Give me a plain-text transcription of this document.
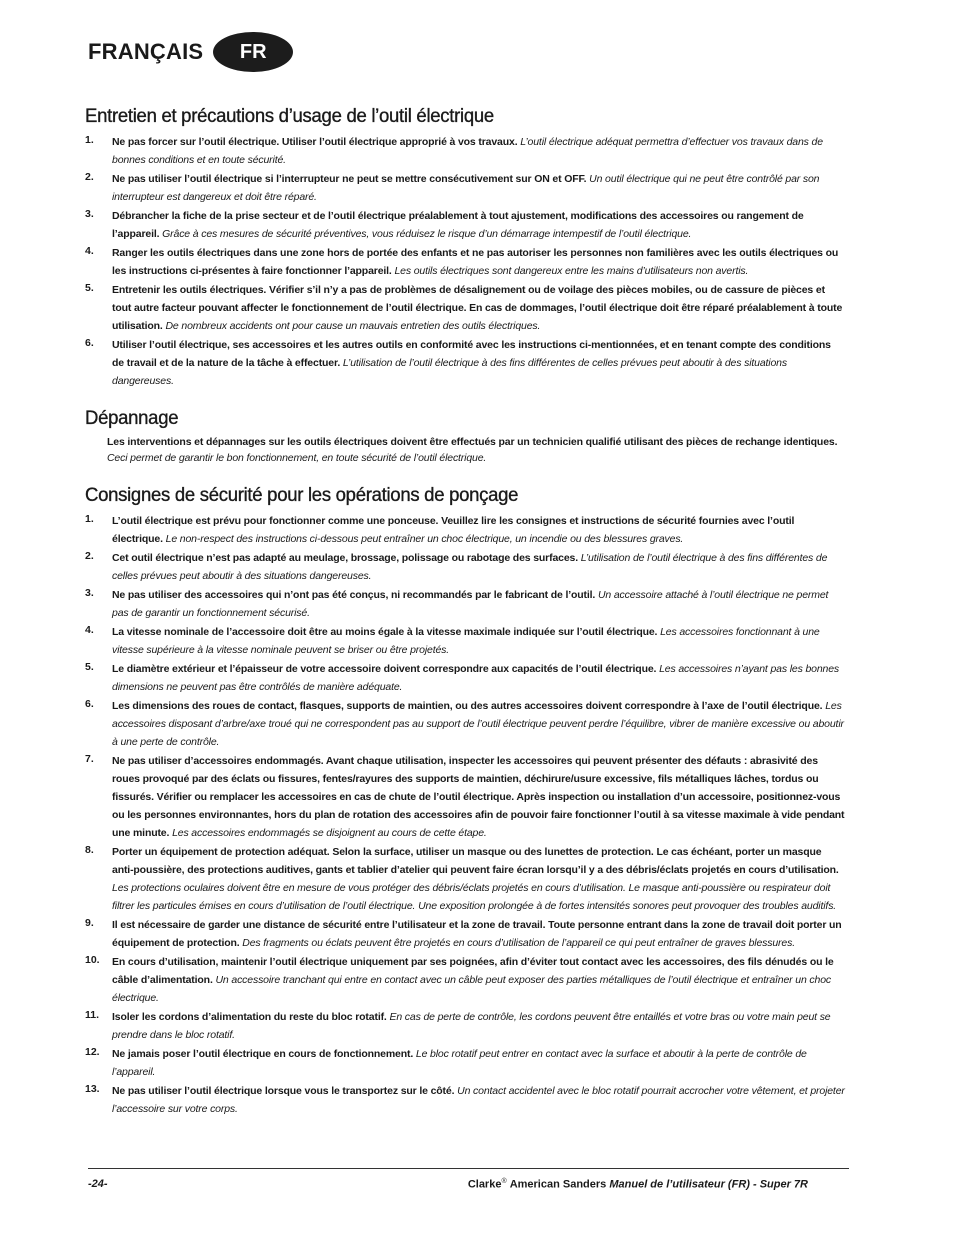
FRANÇAIS	FR
Entretien et précautions d’usage de l’outil électrique
1. Ne pas forcer sur l’outil électrique. Utiliser l’outil électrique approprié à vos travaux. L’outil électrique adéquat permettra d’effectuer vos travaux dans de bonnes conditions et en toute sécurité.
2. Ne pas utiliser l’outil électrique si l’interrupteur ne peut se mettre consécutivement sur ON et OFF. Un outil électrique qui ne peut être contrôlé par son interrupteur est dangereux et doit être réparé.
3. Débrancher la fiche de la prise secteur et de l’outil électrique préalablement à tout ajustement, modifications des accessoires ou rangement de l’appareil. Grâce à ces mesures de sécurité préventives, vous réduisez le risque d’un démarrage intempestif de l’outil électrique.
4. Ranger les outils électriques dans une zone hors de portée des enfants et ne pas autoriser les personnes non familières avec les outils électriques ou les instructions ci-présentes à faire fonctionner l’appareil. Les outils électriques sont dangereux entre les mains d’utilisateurs non avertis.
5. Entretenir les outils électriques. Vérifier s’il n’y a pas de problèmes de désalignement ou de voilage des pièces mobiles, ou de cassure de pièces et tout autre facteur pouvant affecter le fonctionnement de l’outil électrique. En cas de dommages, l’outil électrique doit être réparé préalablement à toute utilisation. De nombreux accidents ont pour cause un mauvais entretien des outils électriques.
6. Utiliser l’outil électrique, ses accessoires et les autres outils en conformité avec les instructions ci-mentionnées, et en tenant compte des conditions de travail et de la nature de la tâche à effectuer. L’utilisation de l’outil électrique à des fins différentes de celles prévues peut aboutir à des situations dangereuses.
Dépannage
Les interventions et dépannages sur les outils électriques doivent être effectués par un technicien qualifié utilisant des pièces de rechange identiques. Ceci permet de garantir le bon fonctionnement, en toute sécurité de l’outil électrique.
Consignes de sécurité pour les opérations de ponçage
1. L’outil électrique est prévu pour fonctionner comme une ponceuse. Veuillez lire les consignes et instructions de sécurité fournies avec l’outil électrique. Le non-respect des instructions ci-dessous peut entraîner un choc électrique, un incendie ou des blessures graves.
2. Cet outil électrique n’est pas adapté au meulage, brossage, polissage ou rabotage des surfaces. L’utilisation de l’outil électrique à des fins différentes de celles prévues peut aboutir à des situations dangereuses.
3. Ne pas utiliser des accessoires qui n’ont pas été conçus, ni recommandés par le fabricant de l’outil. Un accessoire attaché à l’outil électrique ne permet pas de garantir un fonctionnement sécurisé.
4. La vitesse nominale de l’accessoire doit être au moins égale à la vitesse maximale indiquée sur l’outil électrique. Les accessoires fonctionnant à une vitesse supérieure à la vitesse nominale peuvent se briser ou être projetés.
5. Le diamètre extérieur et l’épaisseur de votre accessoire doivent correspondre aux capacités de l’outil électrique. Les accessoires n’ayant pas les bonnes dimensions ne peuvent pas être contrôlés de manière adéquate.
6. Les dimensions des roues de contact, flasques, supports de maintien, ou des autres accessoires doivent correspondre à l’axe de l’outil électrique. Les accessoires disposant d’arbre/axe troué qui ne correspondent pas au support de l’outil électrique peuvent perdre l’équilibre, vibrer de manière excessive ou aboutir à une perte de contrôle.
7. Ne pas utiliser d’accessoires endommagés. Avant chaque utilisation, inspecter les accessoires qui peuvent présenter des défauts : abrasivité des roues provoqué par des éclats ou fissures, fentes/rayures des supports de maintien, déchirure/usure excessive, fils métalliques lâches, tordus ou fissurés. Vérifier ou remplacer les accessoires en cas de chute de l’outil électrique. Après inspection ou installation d’un accessoire, positionnez-vous ou les personnes environnantes, hors du plan de rotation des accessoires afin de pouvoir faire fonctionner l’outil à sa vitesse maximale à vide pendant une minute. Les accessoires endommagés se disjoignent au cours de cette étape.
8. Porter un équipement de protection adéquat. Selon la surface, utiliser un masque ou des lunettes de protection. Le cas échéant, porter un masque anti-poussière, des protections auditives, gants et tablier d’atelier qui peuvent faire écran lorsqu’il y a des débris/éclats projetés en cours d’utilisation. Les protections oculaires doivent être en mesure de vous protéger des débris/éclats projetés en cours d’utilisation. Le masque anti-poussière ou respirateur doit filtrer les particules émises en cours d’utilisation de l’outil électrique. Une exposition prolongée à de fortes intensités sonores peut provoquer des troubles auditifs.
9. Il est nécessaire de garder une distance de sécurité entre l’utilisateur et la zone de travail. Toute personne entrant dans la zone de travail doit porter un équipement de protection. Des fragments ou éclats peuvent être projetés en cours d’utilisation de l’appareil ce qui peut entraîner de graves blessures.
10. En cours d’utilisation, maintenir l’outil électrique uniquement par ses poignées, afin d’éviter tout contact avec les accessoires, des fils dénudés ou le câble d’alimentation. Un accessoire tranchant qui entre en contact avec un câble peut exposer des parties métalliques de l’outil électrique et entraîner un choc électrique.
11. Isoler les cordons d’alimentation du reste du bloc rotatif. En cas de perte de contrôle, les cordons peuvent être entaillés et votre bras ou votre main peut se prendre dans le bloc rotatif.
12. Ne jamais poser l’outil électrique en cours de fonctionnement. Le bloc rotatif peut entrer en contact avec la surface et aboutir à la perte de contrôle de l’appareil.
13. Ne pas utiliser l’outil électrique lorsque vous le transportez sur le côté. Un contact accidentel avec le bloc rotatif pourrait accrocher votre vêtement, et projeter l’accessoire sur votre corps.
-24-	Clarke® American Sanders Manuel de l’utilisateur (FR) - Super 7R
